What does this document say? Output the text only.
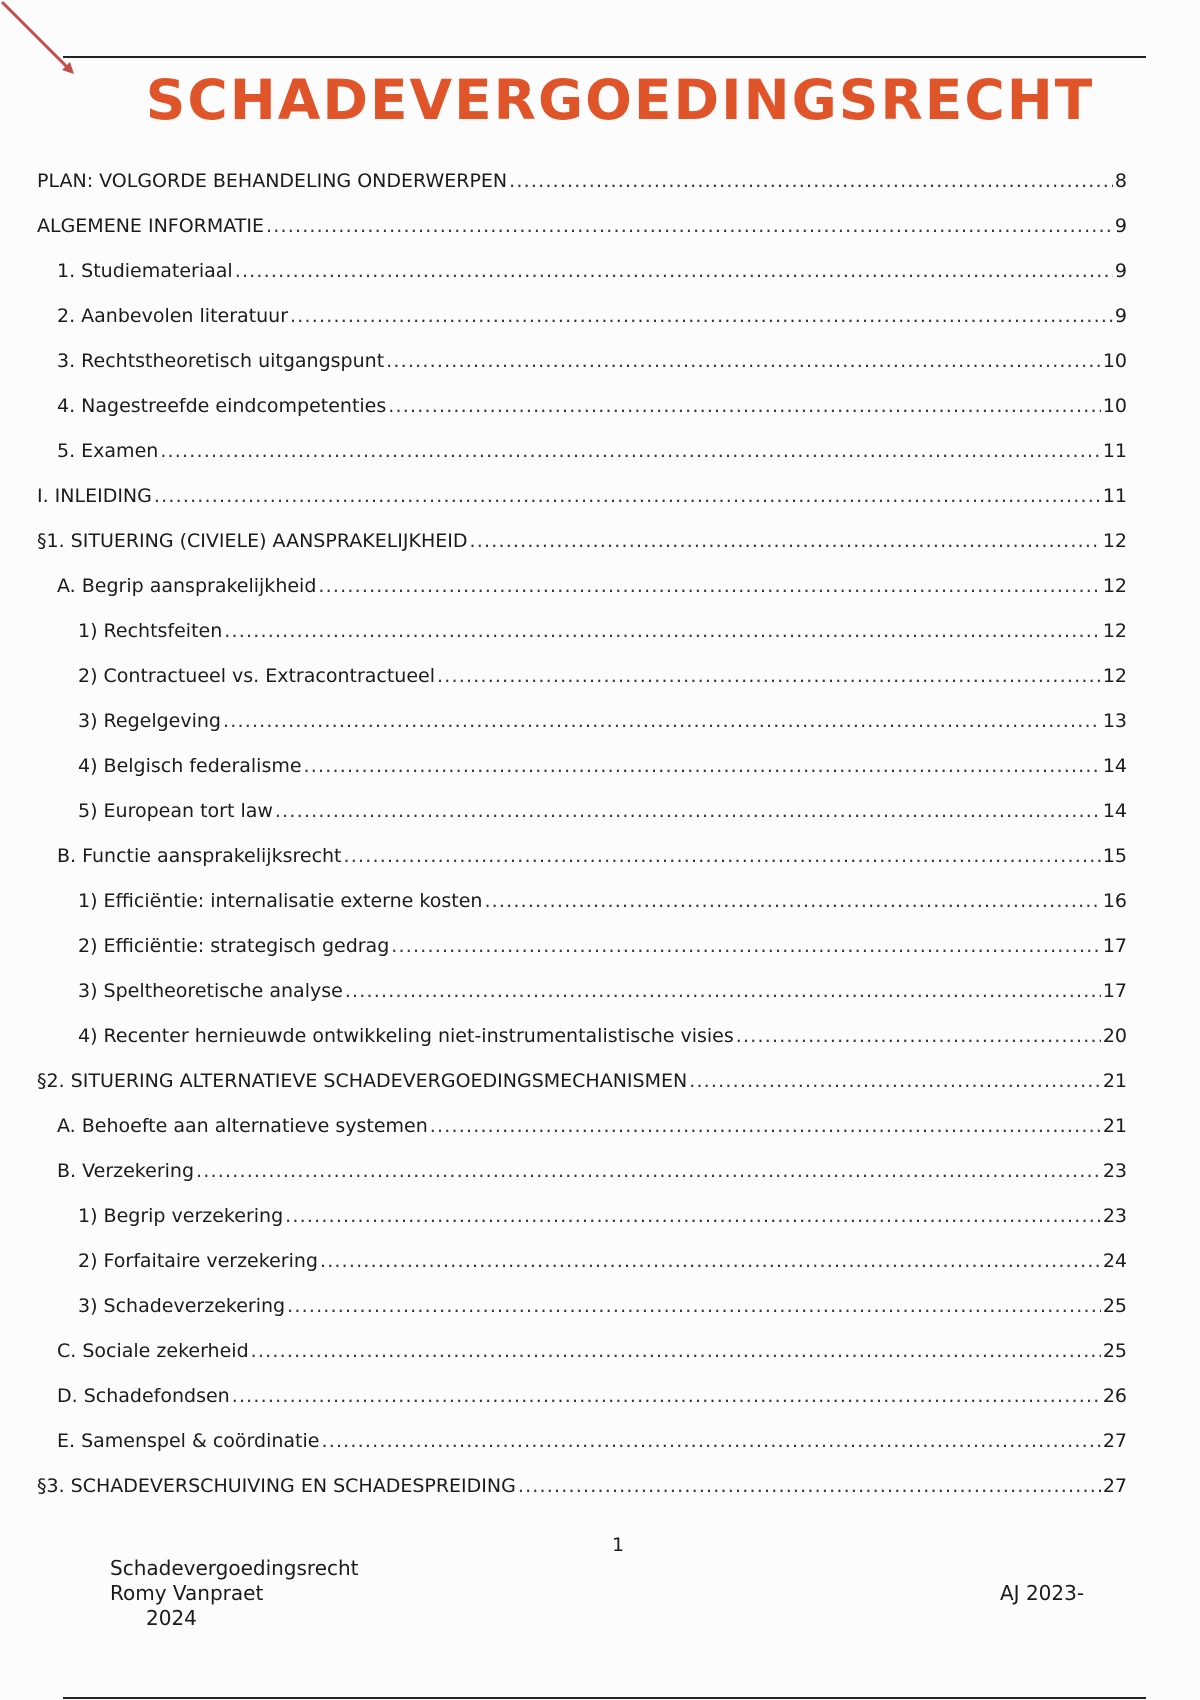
SCHADEVERGOEDINGSRECHT
PLAN: VOLGORDE BEHANDELING ONDERWERPEN .....	8
ALGEMENE INFORMATIE .....	9
1. Studiemateriaal .....	9
2. Aanbevolen literatuur .....	9
3. Rechtstheoretisch uitgangspunt .....	10
4. Nagestreefde eindcompetenties .....	10
5. Examen .....	11
I. INLEIDING .....	11
§1. SITUERING (CIVIELE) AANSPRAKELIJKHEID .....	12
A. Begrip aansprakelijkheid .....	12
1) Rechtsfeiten .....	12
2) Contractueel vs. Extracontractueel .....	12
3) Regelgeving .....	13
4) Belgisch federalisme .....	14
5) European tort law .....	14
B. Functie aansprakelijksrecht .....	15
1) Efficiëntie: internalisatie externe kosten .....	16
2) Efficiëntie: strategisch gedrag .....	17
3) Speltheoretische analyse .....	17
4) Recenter hernieuwde ontwikkeling niet-instrumentalistische visies .....	20
§2. SITUERING ALTERNATIEVE SCHADEVERGOEDINGSMECHANISMEN .....	21
A. Behoefte aan alternatieve systemen .....	21
B. Verzekering .....	23
1) Begrip verzekering .....	23
2) Forfaitaire verzekering .....	24
3) Schadeverzekering .....	25
C. Sociale zekerheid .....	25
D. Schadefondsen .....	26
E. Samenspel & coördinatie .....	27
§3. SCHADEVERSCHUIVING EN SCHADESPREIDING .....	27
1
Schadevergoedingsrecht
Romy Vanpraet
2024
AJ 2023-
